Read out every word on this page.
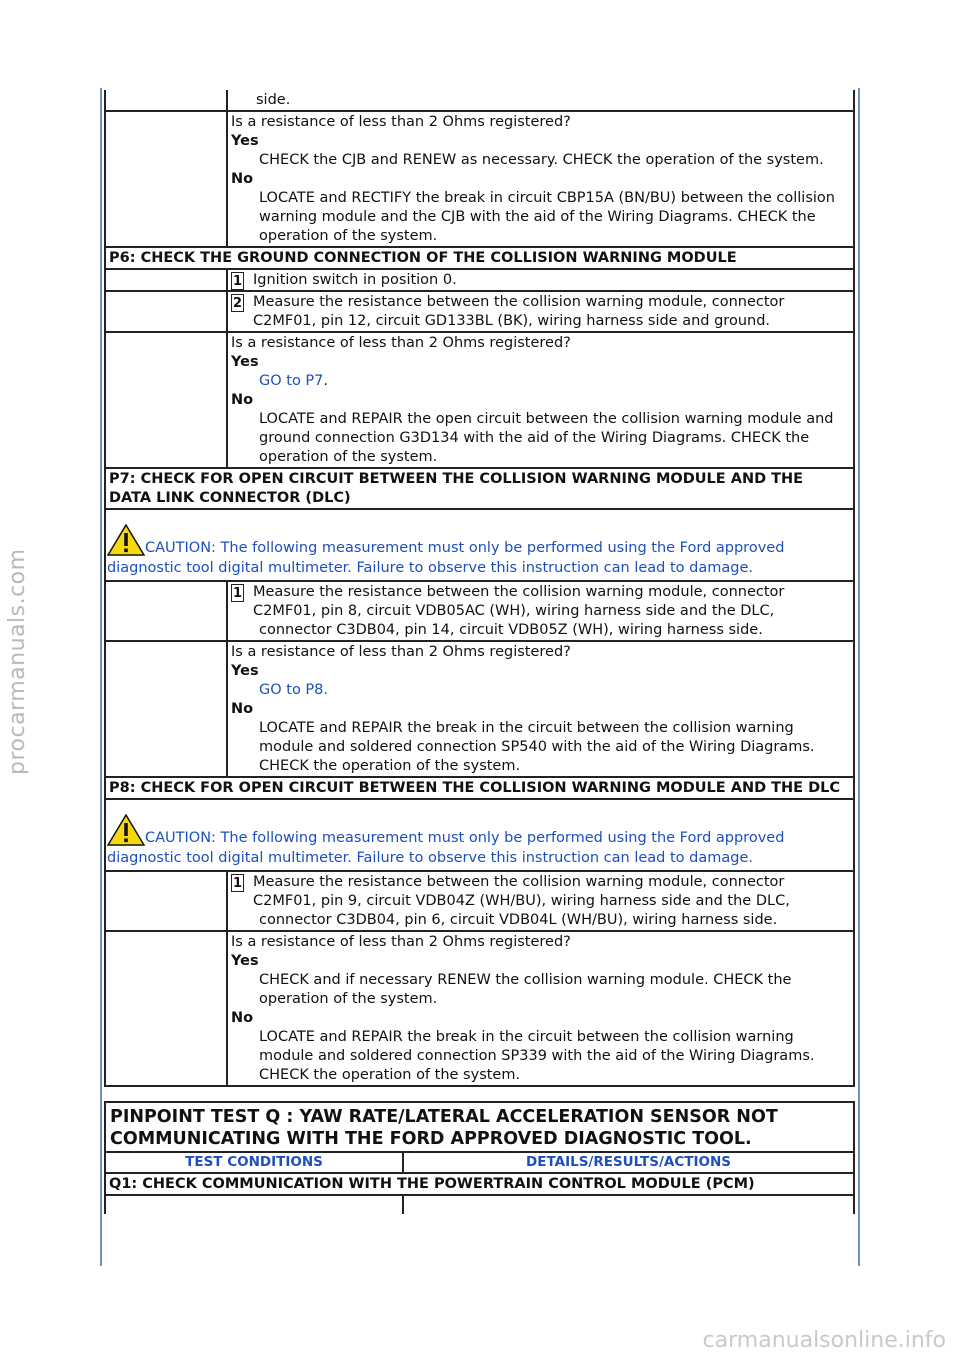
procarmanuals.com
carmanualsonline.info
side.
Is a resistance of less than 2 Ohms registered?
Yes
CHECK the CJB and RENEW as necessary. CHECK the operation of the system.
No
LOCATE and RECTIFY the break in circuit CBP15A (BN/BU) between the collision warning module and the CJB with the aid of the Wiring Diagrams. CHECK the operation of the system.
P6: CHECK THE GROUND CONNECTION OF THE COLLISION WARNING MODULE
1 Ignition switch in position 0.
2 Measure the resistance between the collision warning module, connector C2MF01, pin 12, circuit GD133BL (BK), wiring harness side and ground.
Is a resistance of less than 2 Ohms registered?
Yes
GO to P7.
No
LOCATE and REPAIR the open circuit between the collision warning module and ground connection G3D134 with the aid of the Wiring Diagrams. CHECK the operation of the system.
P7: CHECK FOR OPEN CIRCUIT BETWEEN THE COLLISION WARNING MODULE AND THE DATA LINK CONNECTOR (DLC)
CAUTION: The following measurement must only be performed using the Ford approved diagnostic tool digital multimeter. Failure to observe this instruction can lead to damage.
1 Measure the resistance between the collision warning module, connector C2MF01, pin 8, circuit VDB05AC (WH), wiring harness side and the DLC,
connector C3DB04, pin 14, circuit VDB05Z (WH), wiring harness side.
Is a resistance of less than 2 Ohms registered?
Yes
GO to P8.
No
LOCATE and REPAIR the break in the circuit between the collision warning module and soldered connection SP540 with the aid of the Wiring Diagrams. CHECK the operation of the system.
P8: CHECK FOR OPEN CIRCUIT BETWEEN THE COLLISION WARNING MODULE AND THE DLC
CAUTION: The following measurement must only be performed using the Ford approved diagnostic tool digital multimeter. Failure to observe this instruction can lead to damage.
1 Measure the resistance between the collision warning module, connector C2MF01, pin 9, circuit VDB04Z (WH/BU), wiring harness side and the DLC,
connector C3DB04, pin 6, circuit VDB04L (WH/BU), wiring harness side.
Is a resistance of less than 2 Ohms registered?
Yes
CHECK and if necessary RENEW the collision warning module. CHECK the operation of the system.
No
LOCATE and REPAIR the break in the circuit between the collision warning module and soldered connection SP339 with the aid of the Wiring Diagrams. CHECK the operation of the system.
PINPOINT TEST Q : YAW RATE/LATERAL ACCELERATION SENSOR NOT COMMUNICATING WITH THE FORD APPROVED DIAGNOSTIC TOOL.
TEST CONDITIONS	DETAILS/RESULTS/ACTIONS
Q1: CHECK COMMUNICATION WITH THE POWERTRAIN CONTROL MODULE (PCM)
